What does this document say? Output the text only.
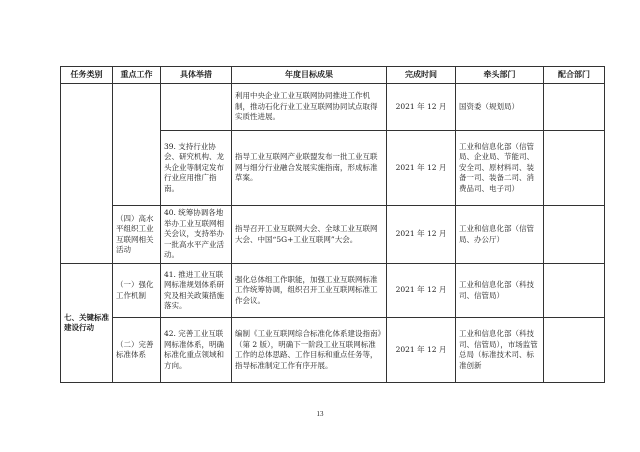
任务类别	重点工作	具体举措	年度目标成果	完成时间	牵头部门	配合部门
			利用中央企业工业互联网协同推进工作机制，推动石化行业工业互联网协同试点取得实质性进展。	2021 年 12 月	国资委（规划局）	
		39. 支持行业协会、研究机构、龙头企业等制定发布行业应用推广指南。	指导工业互联网产业联盟发布一批工业互联网与细分行业融合发展实施指南，形成标准草案。	2021 年 12 月	工业和信息化部（信管局、企业局、节能司、安全司、原材料司、装备一司、装备二司、消费品司、电子司）	
	（四）高水平组织工业互联网相关活动	40. 统筹协调各地举办工业互联网相关会议，支持举办一批高水平产业活动。	指导召开工业互联网大会、全球工业互联网大会、中国“5G+工业互联网”大会。	2021 年 12 月	工业和信息化部（信管局、办公厅）	
七、关键标准建设行动	（一）强化工作机制	41. 推进工业互联网标准规划体系研究及相关政策措施落实。	强化总体组工作职能，加强工业互联网标准工作统筹协调，组织召开工业互联网标准工作会议。	2021 年 12 月	工业和信息化部（科技司、信管局）	
	（二）完善标准体系	42. 完善工业互联网标准体系，明确标准化重点领域和方向。	编制《工业互联网综合标准化体系建设指南》（第 2 版），明确下一阶段工业互联网标准工作的总体思路、工作目标和重点任务等，指导标准制定工作有序开展。	2021 年 12 月	工业和信息化部（科技司、信管局），市场监管总局（标准技术司、标准创新	
13
